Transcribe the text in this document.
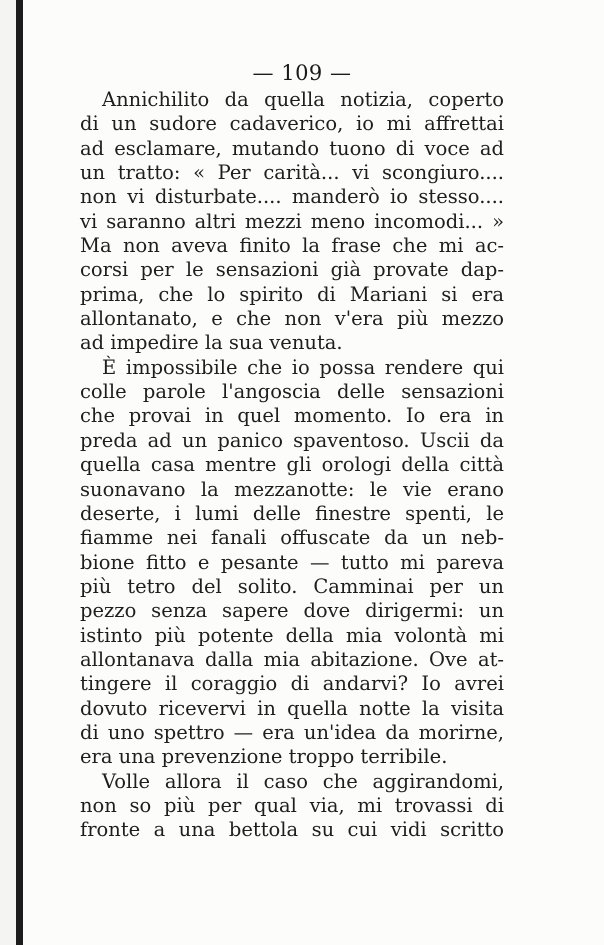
— 109 —
Annichilito da quella notizia, coperto
di un sudore cadaverico, io mi affrettai
ad esclamare, mutando tuono di voce ad
un tratto: « Per carità... vi scongiuro....
non vi disturbate.... manderò io stesso....
vi saranno altri mezzi meno incomodi... »
Ma non aveva finito la frase che mi ac-
corsi per le sensazioni già provate dap-
prima, che lo spirito di Mariani si era
allontanato, e che non v'era più mezzo
ad impedire la sua venuta.
È impossibile che io possa rendere qui
colle parole l'angoscia delle sensazioni
che provai in quel momento. Io era in
preda ad un panico spaventoso. Uscii da
quella casa mentre gli orologi della città
suonavano la mezzanotte: le vie erano
deserte, i lumi delle finestre spenti, le
fiamme nei fanali offuscate da un neb-
bione fitto e pesante — tutto mi pareva
più tetro del solito. Camminai per un
pezzo senza sapere dove dirigermi: un
istinto più potente della mia volontà mi
allontanava dalla mia abitazione. Ove at-
tingere il coraggio di andarvi? Io avrei
dovuto ricevervi in quella notte la visita
di uno spettro — era un'idea da morirne,
era una prevenzione troppo terribile.
Volle allora il caso che aggirandomi,
non so più per qual via, mi trovassi di
fronte a una bettola su cui vidi scritto
